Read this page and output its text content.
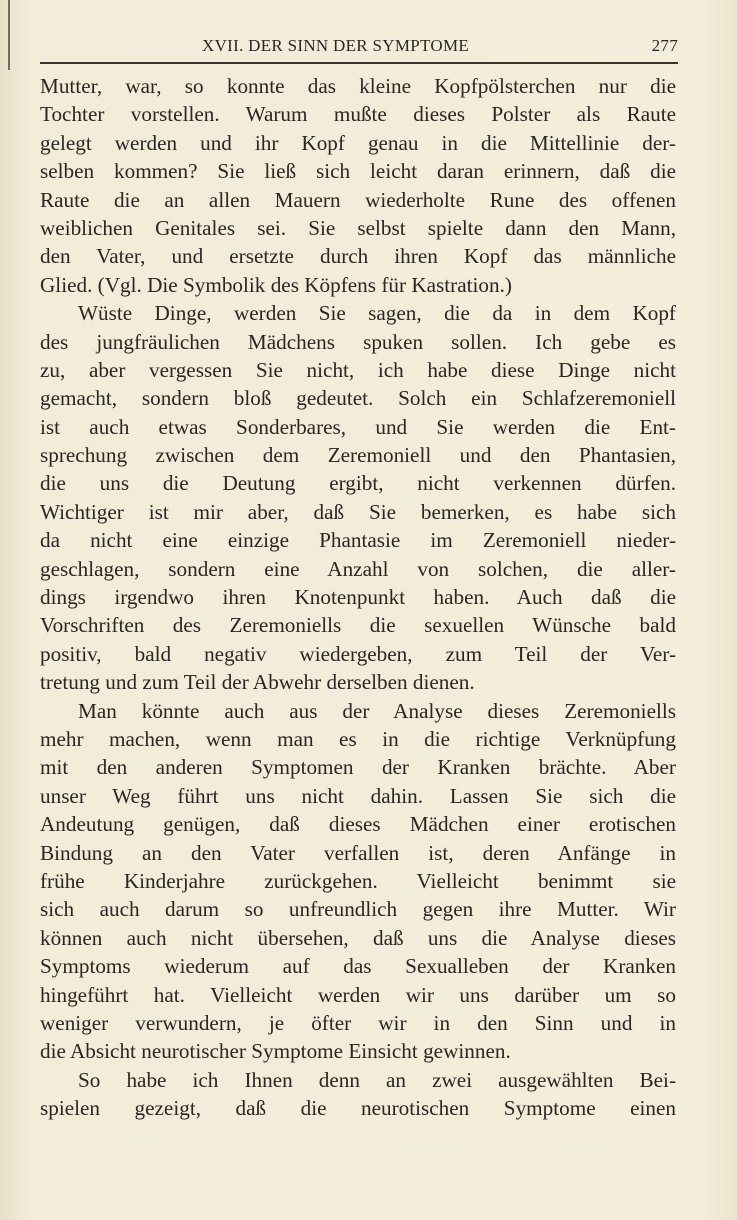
XVII. DER SINN DER SYMPTOME	277
Mutter, war, so konnte das kleine Kopfpölsterchen nur die
Tochter vorstellen. Warum mußte dieses Polster als Raute
gelegt werden und ihr Kopf genau in die Mittellinie der-
selben kommen? Sie ließ sich leicht daran erinnern, daß die
Raute die an allen Mauern wiederholte Rune des offenen
weiblichen Genitales sei. Sie selbst spielte dann den Mann,
den Vater, und ersetzte durch ihren Kopf das männliche
Glied. (Vgl. Die Symbolik des Köpfens für Kastration.)
Wüste Dinge, werden Sie sagen, die da in dem Kopf
des jungfräulichen Mädchens spuken sollen. Ich gebe es
zu, aber vergessen Sie nicht, ich habe diese Dinge nicht
gemacht, sondern bloß gedeutet. Solch ein Schlafzeremoniell
ist auch etwas Sonderbares, und Sie werden die Ent-
sprechung zwischen dem Zeremoniell und den Phantasien,
die uns die Deutung ergibt, nicht verkennen dürfen.
Wichtiger ist mir aber, daß Sie bemerken, es habe sich
da nicht eine einzige Phantasie im Zeremoniell nieder-
geschlagen, sondern eine Anzahl von solchen, die aller-
dings irgendwo ihren Knotenpunkt haben. Auch daß die
Vorschriften des Zeremoniells die sexuellen Wünsche bald
positiv, bald negativ wiedergeben, zum Teil der Ver-
tretung und zum Teil der Abwehr derselben dienen.
Man könnte auch aus der Analyse dieses Zeremoniells
mehr machen, wenn man es in die richtige Verknüpfung
mit den anderen Symptomen der Kranken brächte. Aber
unser Weg führt uns nicht dahin. Lassen Sie sich die
Andeutung genügen, daß dieses Mädchen einer erotischen
Bindung an den Vater verfallen ist, deren Anfänge in
frühe Kinderjahre zurückgehen. Vielleicht benimmt sie
sich auch darum so unfreundlich gegen ihre Mutter. Wir
können auch nicht übersehen, daß uns die Analyse dieses
Symptoms wiederum auf das Sexualleben der Kranken
hingeführt hat. Vielleicht werden wir uns darüber um so
weniger verwundern, je öfter wir in den Sinn und in
die Absicht neurotischer Symptome Einsicht gewinnen.
So habe ich Ihnen denn an zwei ausgewählten Bei-
spielen gezeigt, daß die neurotischen Symptome einen
